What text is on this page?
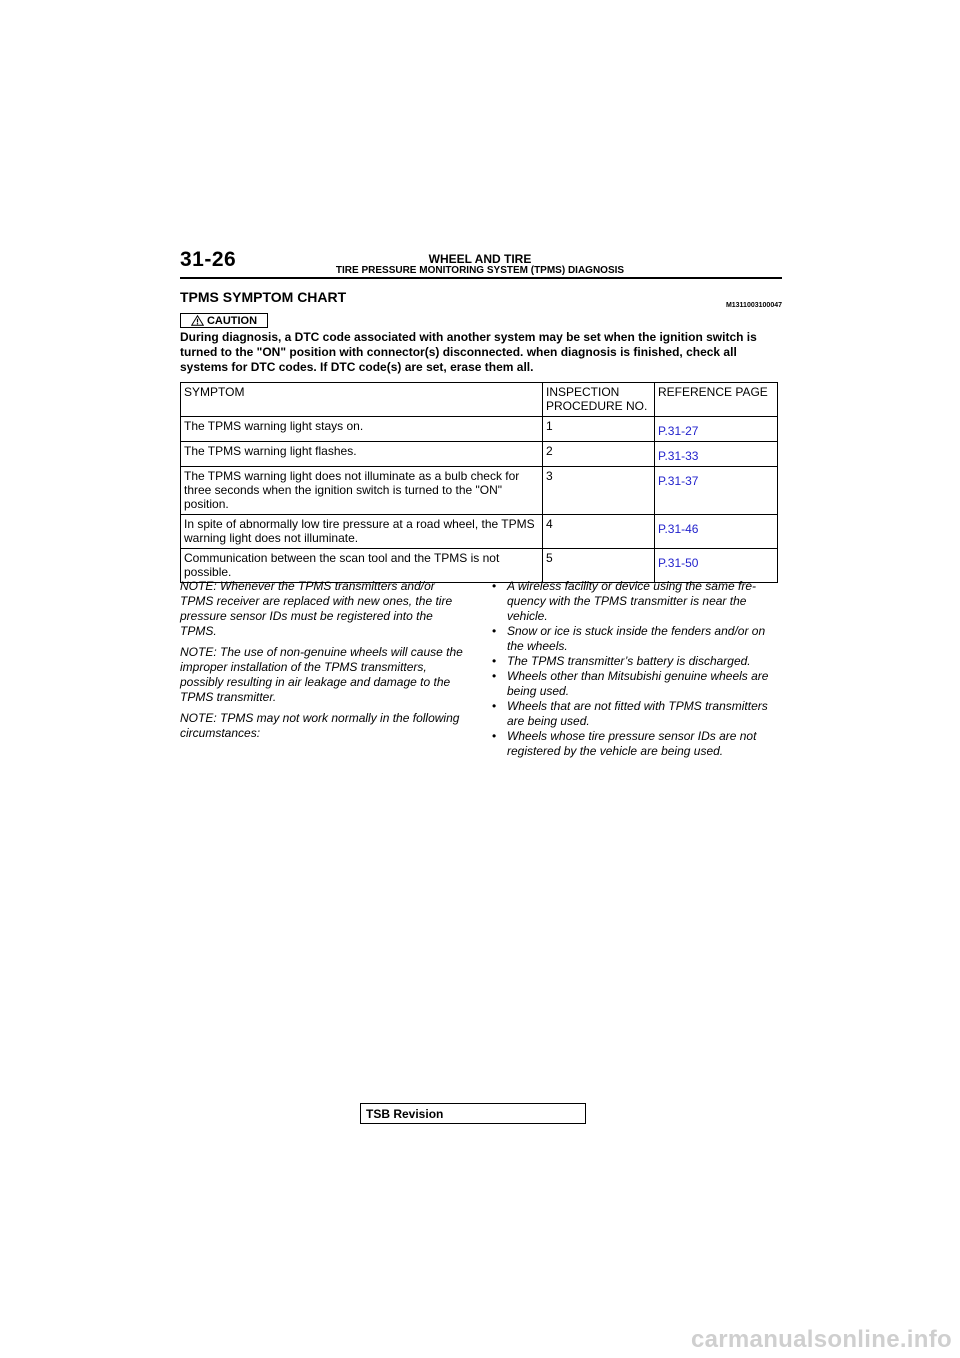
31-26	WHEEL AND TIRE
TIRE PRESSURE MONITORING SYSTEM (TPMS) DIAGNOSIS
TPMS SYMPTOM CHART
M1311003100047
CAUTION
During diagnosis, a DTC code associated with another system may be set when the ignition switch is turned to the "ON" position with connector(s) disconnected. when diagnosis is finished, check all systems for DTC codes. If DTC code(s) are set, erase them all.
SYMPTOM	INSPECTION PROCEDURE NO.	REFERENCE PAGE
The TPMS warning light stays on.	1	P.31-27

The TPMS warning light flashes.	2	P.31-33

The TPMS warning light does not illuminate as a bulb check for three seconds when the ignition switch is turned to the "ON" position.	3	P.31-37

In spite of abnormally low tire pressure at a road wheel, the TPMS warning light does not illuminate.	4	P.31-46

Communication between the scan tool and the TPMS is not possible.	5	P.31-50

NOTE: Whenever the TPMS transmitters and/or TPMS receiver are replaced with new ones, the tire pressure sensor IDs must be registered into the TPMS.

NOTE: The use of non-genuine wheels will cause the improper installation of the TPMS transmitters, possibly resulting in air leakage and damage to the TPMS transmitter.

NOTE: TPMS may not work normally in the following circumstances:

• A wireless facility or device using the same fre-quency with the TPMS transmitter is near the vehicle.
• Snow or ice is stuck inside the fenders and/or on the wheels.
• The TPMS transmitter’s battery is discharged.
• Wheels other than Mitsubishi genuine wheels are being used.
• Wheels that are not fitted with TPMS transmitters are being used.
• Wheels whose tire pressure sensor IDs are not registered by the vehicle are being used.
TSB Revision
carmanualsonline.info
